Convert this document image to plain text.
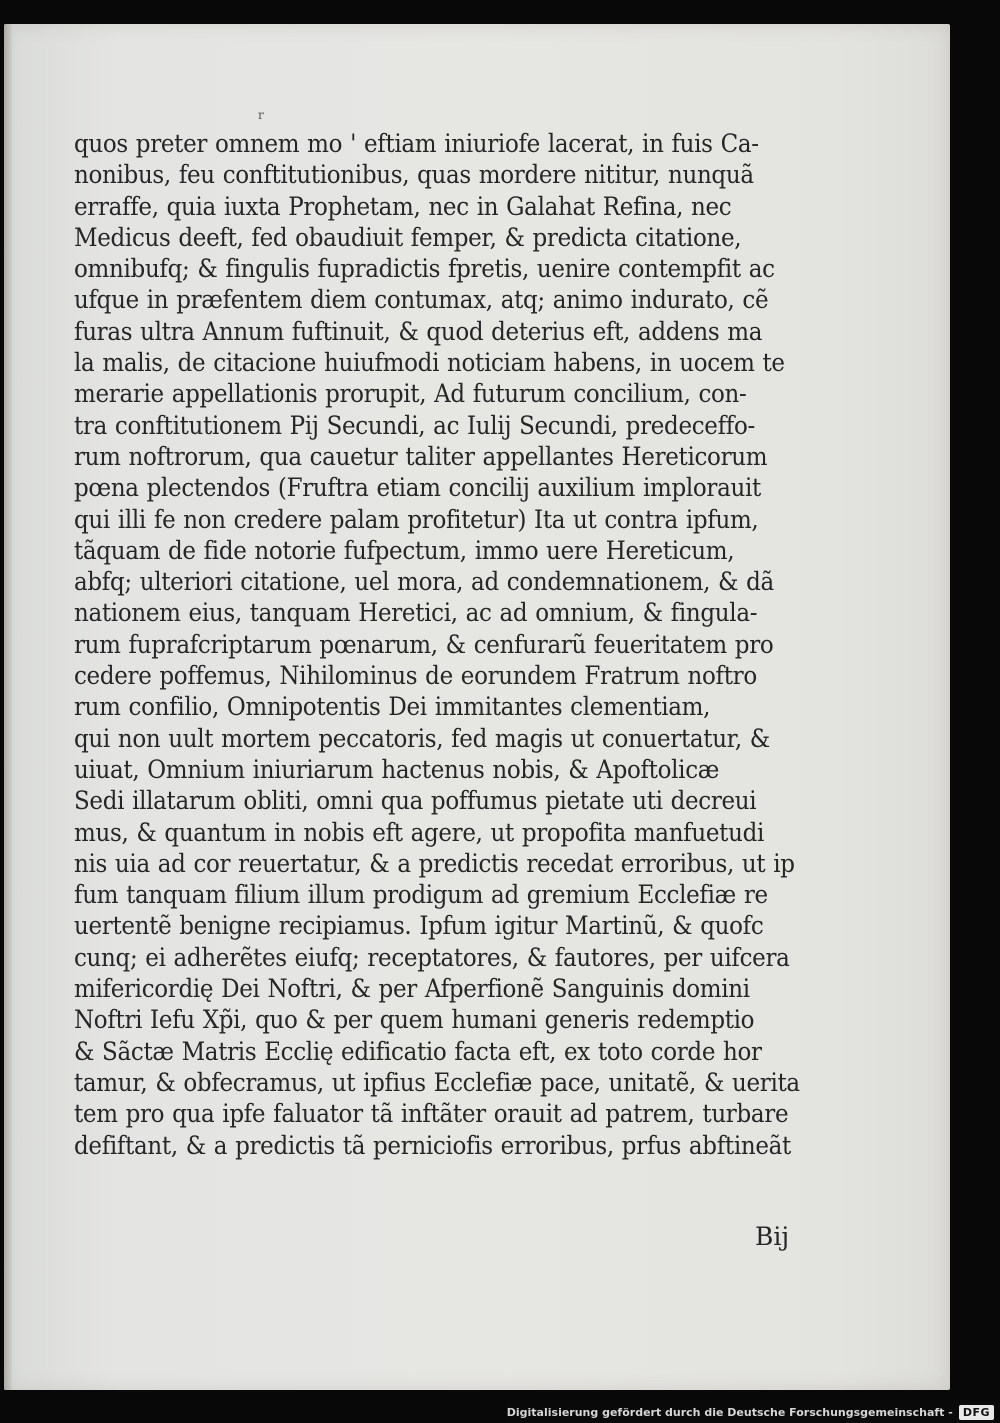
r
quos preter omnem mo ' eftiam iniuriofe lacerat, in fuis Ca-
nonibus, feu conftitutionibus, quas mordere nititur, nunquã
erraffe, quia iuxta Prophetam, nec in Galahat Refina, nec
Medicus deeft, fed obaudiuit femper, & predicta citatione,
omnibufq; & fingulis fupradictis fpretis, uenire contempfit ac
ufque in præfentem diem contumax, atq; animo indurato, cẽ
furas ultra Annum fuftinuit, & quod deterius eft, addens ma
la malis, de citacione huiufmodi noticiam habens, in uocem te
merarie appellationis prorupit, Ad futurum concilium, con-
tra conftitutionem Pij Secundi, ac Iulij Secundi, predeceffo-
rum noftrorum, qua cauetur taliter appellantes Hereticorum
pœna plectendos (Fruftra etiam concilij auxilium implorauit
qui illi fe non credere palam profitetur) Ita ut contra ipfum,
tãquam de fide notorie fufpectum, immo uere Hereticum,
abfq; ulteriori citatione, uel mora, ad condemnationem, & dã
nationem eius, tanquam Heretici, ac ad omnium, & fingula-
rum fuprafcriptarum pœnarum, & cenfurarũ feueritatem pro
cedere poffemus, Nihilominus de eorundem Fratrum noftro
rum confilio, Omnipotentis Dei immitantes clementiam,
qui non uult mortem peccatoris, fed magis ut conuertatur, &
uiuat, Omnium iniuriarum hactenus nobis, & Apoftolicæ
Sedi illatarum obliti, omni qua poffumus pietate uti decreui
mus, & quantum in nobis eft agere, ut propofita manfuetudi
nis uia ad cor reuertatur, & a predictis recedat erroribus, ut ip
fum tanquam filium illum prodigum ad gremium Ecclefiæ re
uertentẽ benigne recipiamus. Ipfum igitur Martinũ, & quofc
cunq; ei adherẽtes eiufq; receptatores, & fautores, per uifcera
mifericordię Dei Noftri, & per Afperfionẽ Sanguinis domini
Noftri Iefu Xp̃i, quo & per quem humani generis redemptio
& Sãctæ Matris Ecclię edificatio facta eft, ex toto corde hor
tamur, & obfecramus, ut ipfius Ecclefiæ pace, unitatẽ, & uerita
tem pro qua ipfe faluator tã inftãter orauit ad patrem, turbare
defiftant, & a predictis tã perniciofis erroribus, prfus abftineãt
Bij
Digitalisierung gefördert durch die Deutsche Forschungsgemeinschaft - DFG
